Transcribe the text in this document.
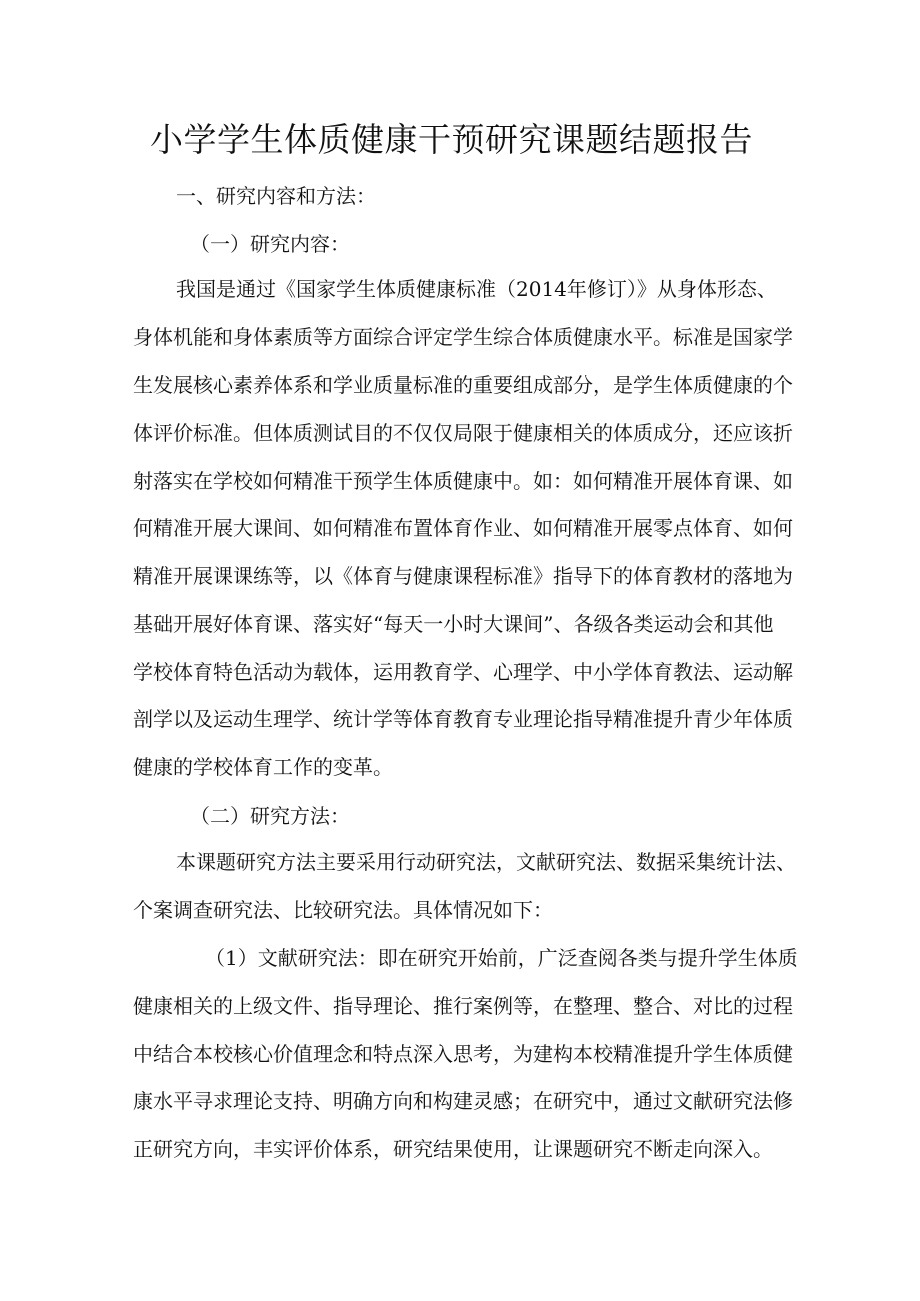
小学学生体质健康干预研究课题结题报告

一、研究内容和方法：

（一）研究内容：

我国是通过《国家学生体质健康标准（2014年修订）》从身体形态、

身体机能和身体素质等方面综合评定学生综合体质健康水平。标准是国家学

生发展核心素养体系和学业质量标准的重要组成部分，是学生体质健康的个

体评价标准。但体质测试目的不仅仅局限于健康相关的体质成分，还应该折

射落实在学校如何精准干预学生体质健康中。如：如何精准开展体育课、如

何精准开展大课间、如何精准布置体育作业、如何精准开展零点体育、如何

精准开展课课练等，以《体育与健康课程标准》指导下的体育教材的落地为

基础开展好体育课、落实好“每天一小时大课间”、各级各类运动会和其他

学校体育特色活动为载体，运用教育学、心理学、中小学体育教法、运动解

剖学以及运动生理学、统计学等体育教育专业理论指导精准提升青少年体质

健康的学校体育工作的变革。

（二）研究方法：

本课题研究方法主要采用行动研究法，文献研究法、数据采集统计法、

个案调查研究法、比较研究法。具体情况如下：

（1）文献研究法：即在研究开始前，广泛查阅各类与提升学生体质

健康相关的上级文件、指导理论、推行案例等，在整理、整合、对比的过程

中结合本校核心价值理念和特点深入思考，为建构本校精准提升学生体质健

康水平寻求理论支持、明确方向和构建灵感；在研究中，通过文献研究法修

正研究方向，丰实评价体系，研究结果使用，让课题研究不断走向深入。
